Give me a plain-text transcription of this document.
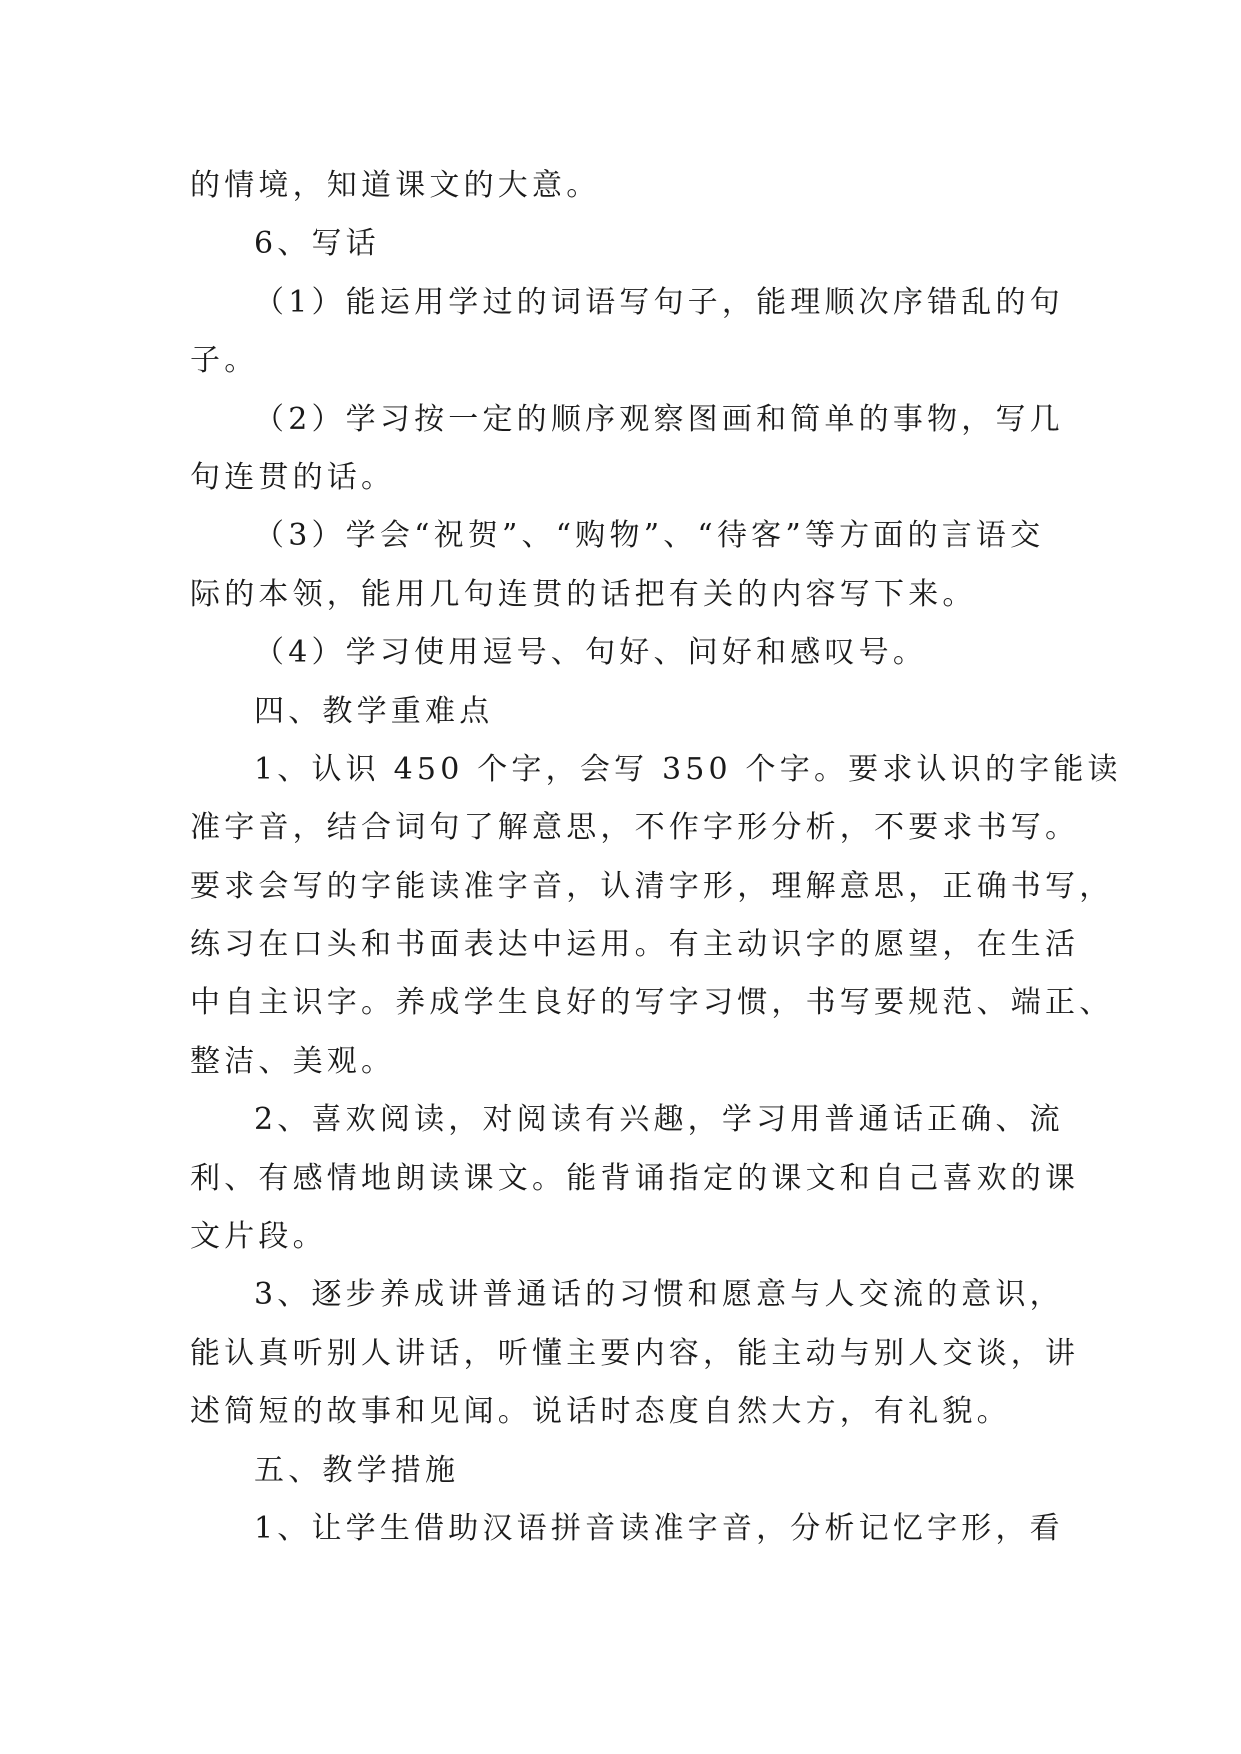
的情境，知道课文的大意。
6、写话
（1）能运用学过的词语写句子，能理顺次序错乱的句
子。
（2）学习按一定的顺序观察图画和简单的事物，写几
句连贯的话。
（3）学会“祝贺”、“购物”、“待客”等方面的言语交
际的本领，能用几句连贯的话把有关的内容写下来。
（4）学习使用逗号、句好、问好和感叹号。
四、教学重难点
1、认识 450 个字，会写 350 个字。要求认识的字能读
准字音，结合词句了解意思，不作字形分析，不要求书写。
要求会写的字能读准字音，认清字形，理解意思，正确书写，
练习在口头和书面表达中运用。有主动识字的愿望，在生活
中自主识字。养成学生良好的写字习惯，书写要规范、端正、
整洁、美观。
2、喜欢阅读，对阅读有兴趣，学习用普通话正确、流
利、有感情地朗读课文。能背诵指定的课文和自己喜欢的课
文片段。
3、逐步养成讲普通话的习惯和愿意与人交流的意识，
能认真听别人讲话，听懂主要内容，能主动与别人交谈，讲
述简短的故事和见闻。说话时态度自然大方，有礼貌。
五、教学措施
1、让学生借助汉语拼音读准字音，分析记忆字形，看
